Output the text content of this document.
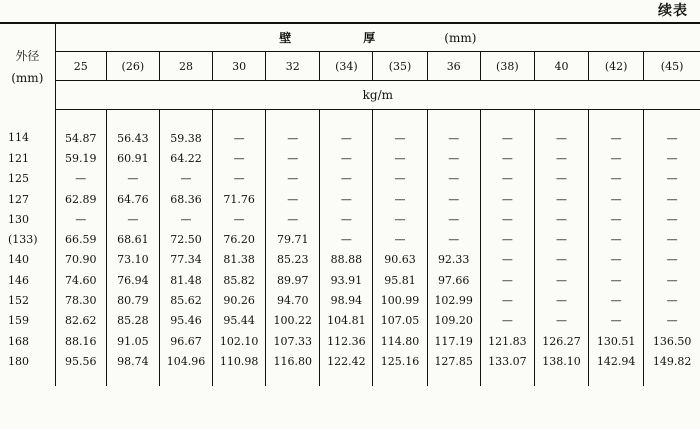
续表
外径
(mm)	壁 厚 (mm)											
	25	(26)	28	30	32	(34)	(35)	36	(38)	40	(42)	(45)
	kg/m											
114	54.87	56.43	59.38	—	—	—	—	—	—	—	—	—
121	59.19	60.91	64.22	—	—	—	—	—	—	—	—	—
125	—	—	—	—	—	—	—	—	—	—	—	—
127	62.89	64.76	68.36	71.76	—	—	—	—	—	—	—	—
130	—	—	—	—	—	—	—	—	—	—	—	—
(133)	66.59	68.61	72.50	76.20	79.71	—	—	—	—	—	—	—
140	70.90	73.10	77.34	81.38	85.23	88.88	90.63	92.33	—	—	—	—
146	74.60	76.94	81.48	85.82	89.97	93.91	95.81	97.66	—	—	—	—
152	78.30	80.79	85.62	90.26	94.70	98.94	100.99	102.99	—	—	—	—
159	82.62	85.28	95.46	95.44	100.22	104.81	107.05	109.20	—	—	—	—
168	88.16	91.05	96.67	102.10	107.33	112.36	114.80	117.19	121.83	126.27	130.51	136.50
180	95.56	98.74	104.96	110.98	116.80	122.42	125.16	127.85	133.07	138.10	142.94	149.82
